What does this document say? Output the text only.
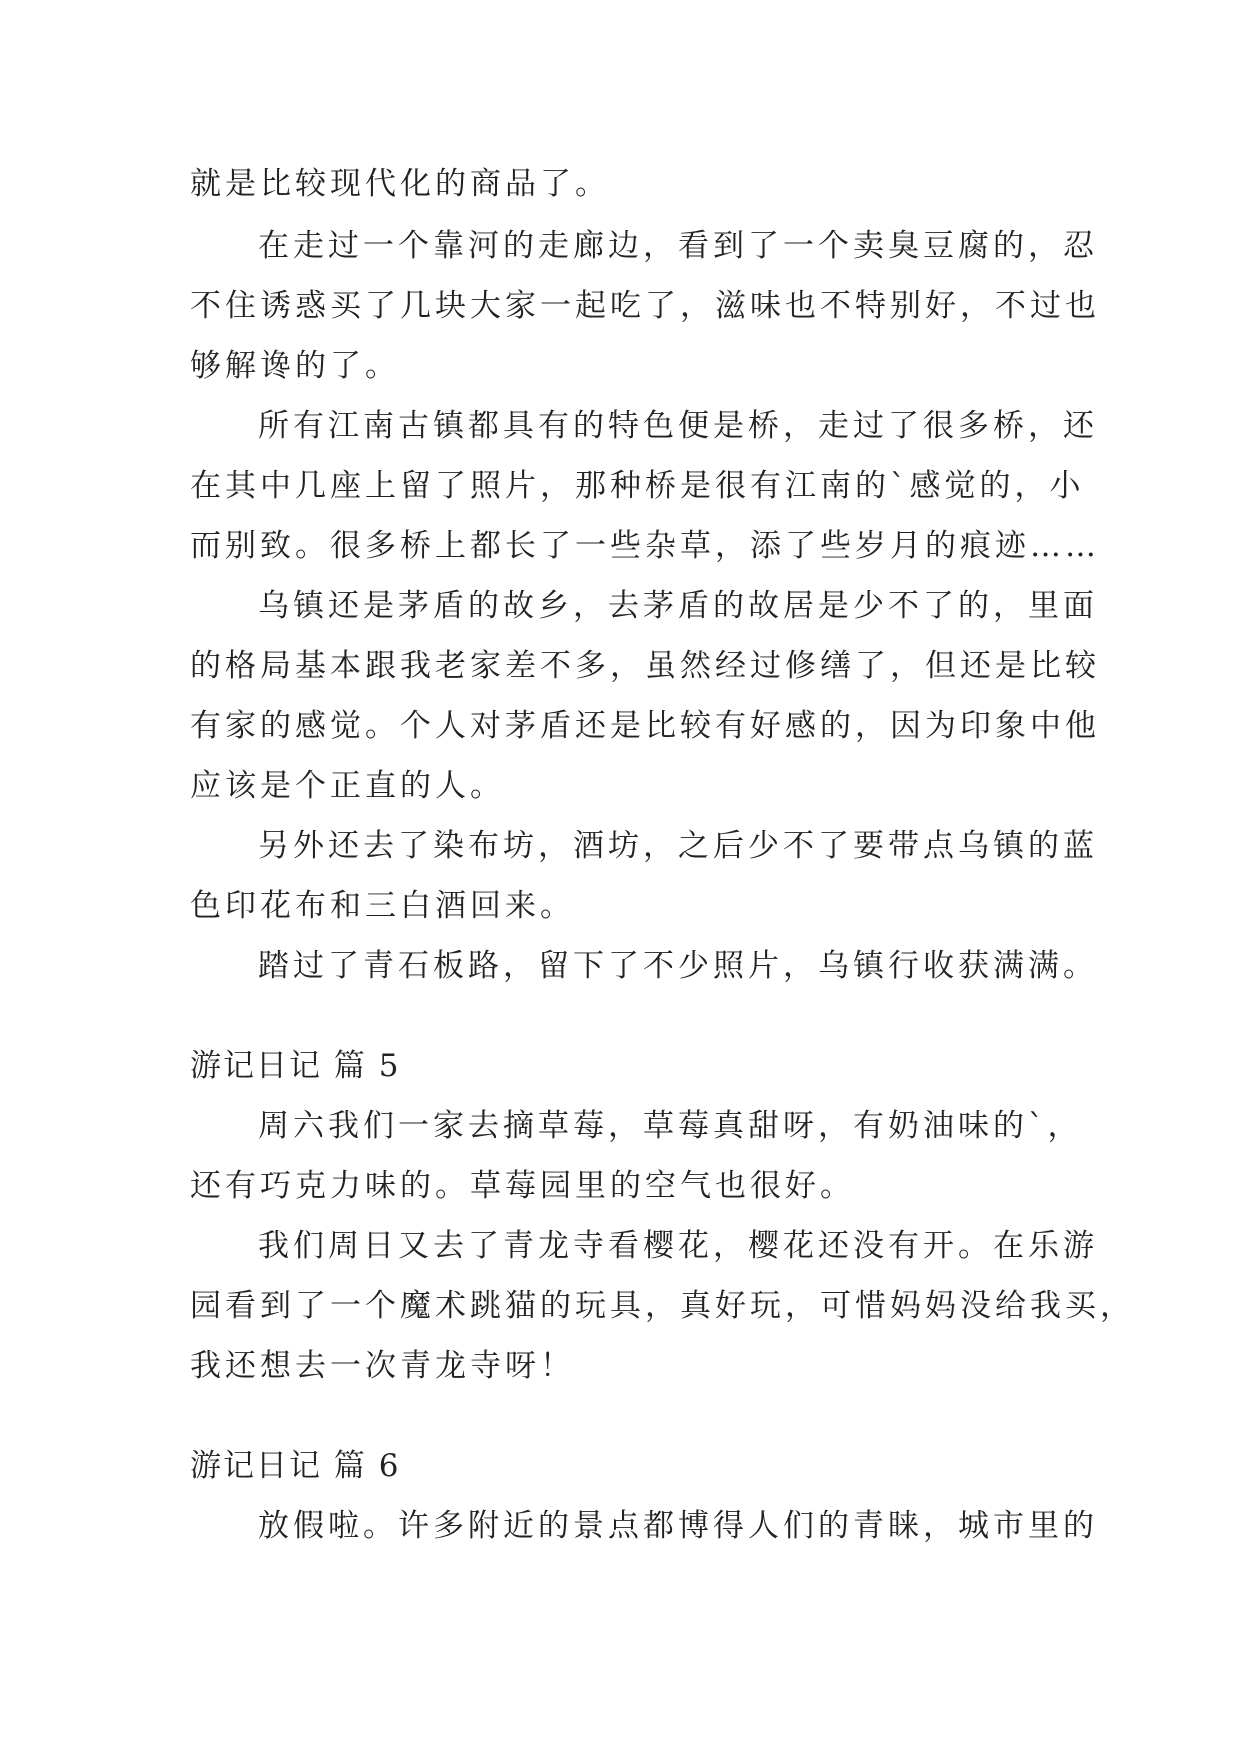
就是比较现代化的商品了。
在走过一个靠河的走廊边，看到了一个卖臭豆腐的，忍
不住诱惑买了几块大家一起吃了，滋味也不特别好，不过也
够解谗的了。
所有江南古镇都具有的特色便是桥，走过了很多桥，还
在其中几座上留了照片，那种桥是很有江南的`感觉的，小
而别致。很多桥上都长了一些杂草，添了些岁月的痕迹……
乌镇还是茅盾的故乡，去茅盾的故居是少不了的，里面
的格局基本跟我老家差不多，虽然经过修缮了，但还是比较
有家的感觉。个人对茅盾还是比较有好感的，因为印象中他
应该是个正直的人。
另外还去了染布坊，酒坊，之后少不了要带点乌镇的蓝
色印花布和三白酒回来。
踏过了青石板路，留下了不少照片，乌镇行收获满满。
游记日记 篇 5
周六我们一家去摘草莓，草莓真甜呀，有奶油味的`，
还有巧克力味的。草莓园里的空气也很好。
我们周日又去了青龙寺看樱花，樱花还没有开。在乐游
园看到了一个魔术跳猫的玩具，真好玩，可惜妈妈没给我买，
我还想去一次青龙寺呀！
游记日记 篇 6
放假啦。许多附近的景点都博得人们的青睐，城市里的
